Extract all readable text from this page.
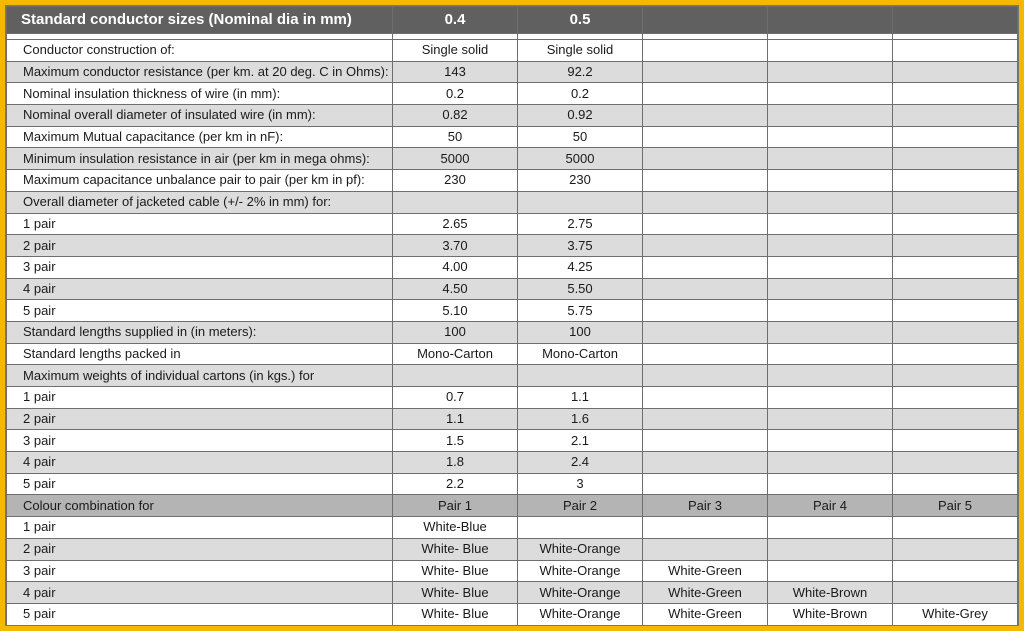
Standard conductor sizes (Nominal dia in mm)	0.4	0.5			

Conductor construction of:	Single solid	Single solid			
Maximum conductor resistance (per km. at 20 deg. C in Ohms):	143	92.2			
Nominal insulation thickness of wire (in mm):	0.2	0.2			
Nominal overall diameter of insulated wire (in mm):	0.82	0.92			
Maximum Mutual capacitance (per km in nF):	50	50			
Minimum insulation resistance in air (per km in mega ohms):	5000	5000			
Maximum capacitance unbalance pair to pair (per km in pf):	230	230			
Overall diameter of jacketed cable (+/- 2% in mm) for:					
1 pair	2.65	2.75			
2 pair	3.70	3.75			
3 pair	4.00	4.25			
4 pair	4.50	5.50			
5 pair	5.10	5.75			
Standard lengths supplied in (in meters):	100	100			
Standard lengths packed in	Mono-Carton	Mono-Carton			
Maximum weights of individual cartons (in kgs.) for					
1 pair	0.7	1.1			
2 pair	1.1	1.6			
3 pair	1.5	2.1			
4 pair	1.8	2.4			
5 pair	2.2	3			
Colour combination for	Pair 1	Pair 2	Pair 3	Pair 4	Pair 5
1 pair	White-Blue				
2 pair	White- Blue	White-Orange			
3 pair	White- Blue	White-Orange	White-Green		
4 pair	White- Blue	White-Orange	White-Green	White-Brown	
5 pair	White- Blue	White-Orange	White-Green	White-Brown	White-Grey
